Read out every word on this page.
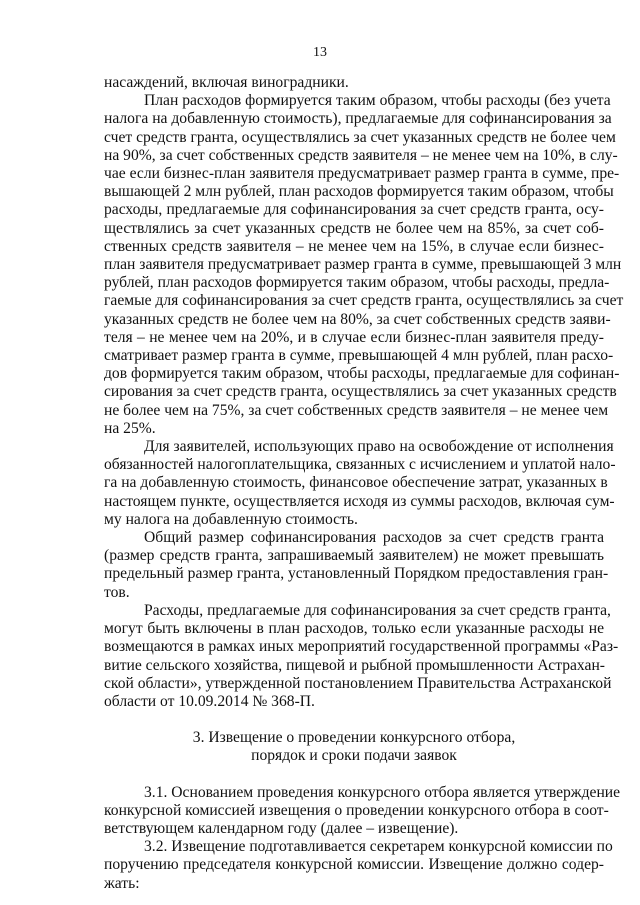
13
насаждений, включая виноградники.
План расходов формируется таким образом, чтобы расходы (без учета
налога на добавленную стоимость), предлагаемые для софинансирования за
счет средств гранта, осуществлялись за счет указанных средств не более чем
на 90%, за счет собственных средств заявителя – не менее чем на 10%, в слу-
чае если бизнес-план заявителя предусматривает размер гранта в сумме, пре-
вышающей 2 млн рублей, план расходов формируется таким образом, чтобы
расходы, предлагаемые для софинансирования за счет средств гранта, осу-
ществлялись за счет указанных средств не более чем на 85%, за счет соб-
ственных средств заявителя – не менее чем на 15%, в случае если бизнес-
план заявителя предусматривает размер гранта в сумме, превышающей 3 млн
рублей, план расходов формируется таким образом, чтобы расходы, предла-
гаемые для софинансирования за счет средств гранта, осуществлялись за счет
указанных средств не более чем на 80%, за счет собственных средств заяви-
теля – не менее чем на 20%, и в случае если бизнес-план заявителя преду-
сматривает размер гранта в сумме, превышающей 4 млн рублей, план расхо-
дов формируется таким образом, чтобы расходы, предлагаемые для софинан-
сирования за счет средств гранта, осуществлялись за счет указанных средств
не более чем на 75%, за счет собственных средств заявителя – не менее чем
на 25%.
Для заявителей, использующих право на освобождение от исполнения
обязанностей налогоплательщика, связанных с исчислением и уплатой нало-
га на добавленную стоимость, финансовое обеспечение затрат, указанных в
настоящем пункте, осуществляется исходя из суммы расходов, включая сум-
му налога на добавленную стоимость.
Общий размер софинансирования расходов за счет средств гранта
(размер средств гранта, запрашиваемый заявителем) не может превышать
предельный размер гранта, установленный Порядком предоставления гран-
тов.
Расходы, предлагаемые для софинансирования за счет средств гранта,
могут быть включены в план расходов, только если указанные расходы не
возмещаются в рамках иных мероприятий государственной программы «Раз-
витие сельского хозяйства, пищевой и рыбной промышленности Астрахан-
ской области», утвержденной постановлением Правительства Астраханской
области от 10.09.2014 № 368-П.
3. Извещение о проведении конкурсного отбора,
порядок и сроки подачи заявок
3.1. Основанием проведения конкурсного отбора является утверждение
конкурсной комиссией извещения о проведении конкурсного отбора в соот-
ветствующем календарном году (далее – извещение).
3.2. Извещение подготавливается секретарем конкурсной комиссии по
поручению председателя конкурсной комиссии. Извещение должно содер-
жать:
